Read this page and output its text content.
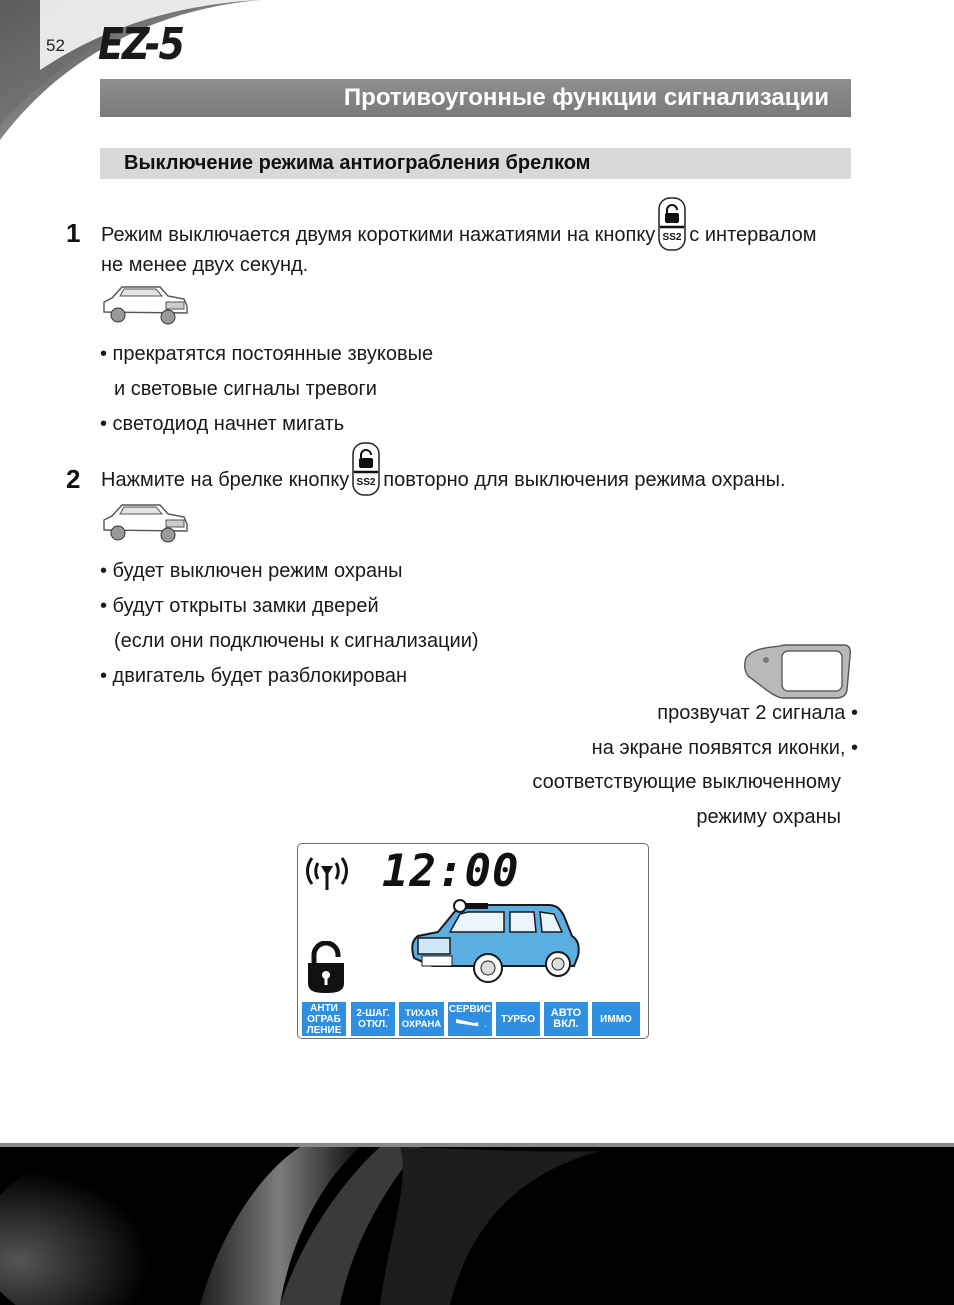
52 EZ-5
Противоугонные функции сигнализации
Выключение режима антиограбления брелком
1 Режим выключается двумя короткими нажатиями на кнопку SS2 с интервалом
не менее двух секунд.
• прекратятся постоянные звуковые
и световые сигналы тревоги
• светодиод начнет мигать
2 Нажмите на брелке кнопку SS2 повторно для выключения режима охраны.
• будет выключен режим охраны
• будут открыты замки дверей
(если они подключены к сигнализации)
• двигатель будет разблокирован
прозвучат 2 сигнала •
на экране появятся иконки, •
соответствующие выключенному
режиму охраны
12:00
АНТИ
ОГРАБ
ЛЕНИЕ
2-ШАГ.
ОТКЛ.
ТИХАЯ
ОХРАНА
СЕРВИС
ТУРБО АВТО
ВКЛ. ИММО
